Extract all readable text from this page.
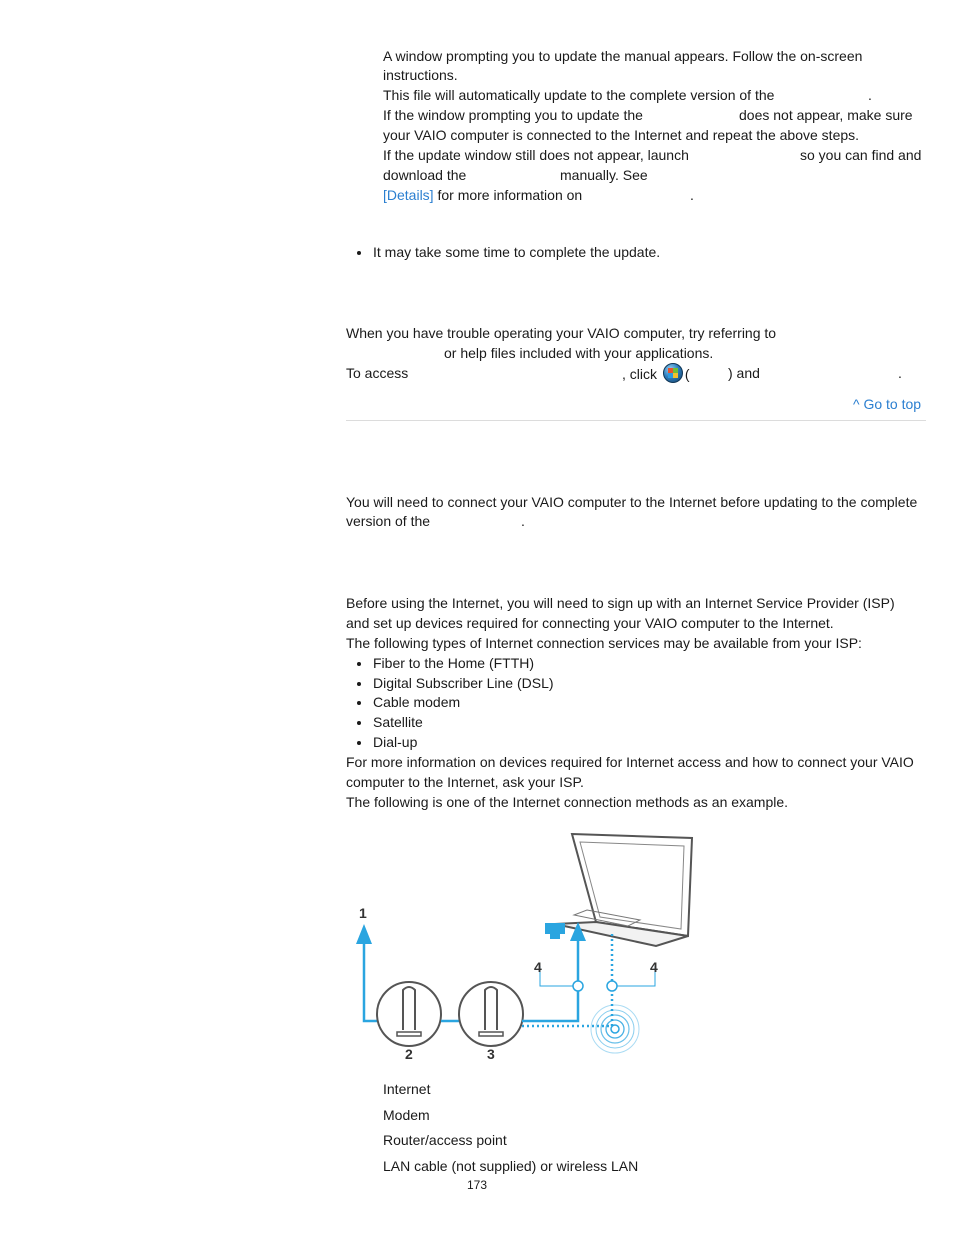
A window prompting you to update the manual appears. Follow the on-screen
instructions.
This file will automatically update to the complete version of the	.
If the window prompting you to update the	does not appear, make sure
your VAIO computer is connected to the Internet and repeat the above steps.
If the update window still does not appear, launch	so you can find and
download the	manually. See
[Details] for more information on	.
It may take some time to complete the update.
When you have trouble operating your VAIO computer, try referring to
or help files included with your applications.
To access	, click (	) and	.
^ Go to top
You will need to connect your VAIO computer to the Internet before updating to the complete
version of the	.
Before using the Internet, you will need to sign up with an Internet Service Provider (ISP)
and set up devices required for connecting your VAIO computer to the Internet.
The following types of Internet connection services may be available from your ISP:
Fiber to the Home (FTTH)
Digital Subscriber Line (DSL)
Cable modem
Satellite
Dial-up
For more information on devices required for Internet access and how to connect your VAIO
computer to the Internet, ask your ISP.
The following is one of the Internet connection methods as an example.
1
2	3
4	4
Internet
Modem
Router/access point
LAN cable (not supplied) or wireless LAN
173
